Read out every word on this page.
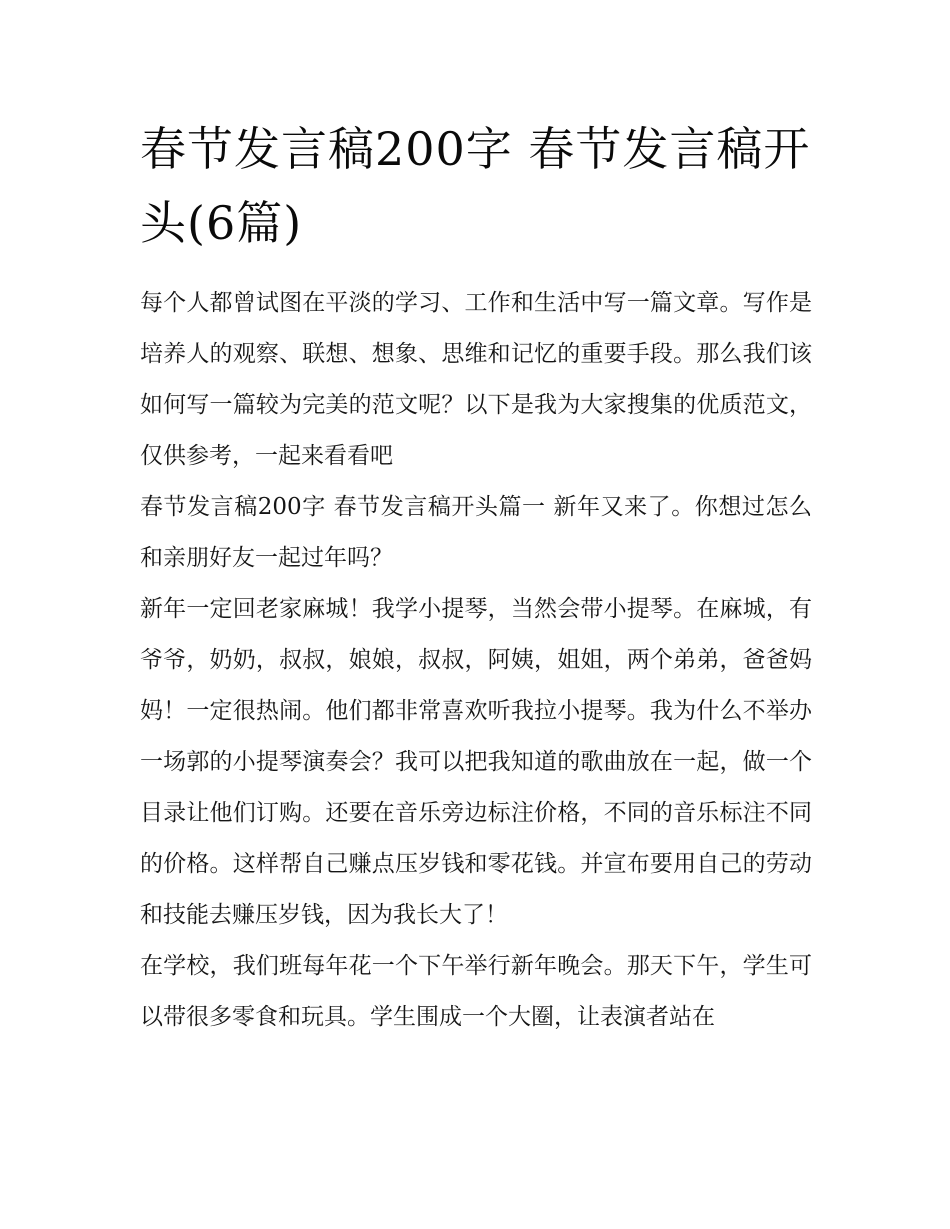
春节发言稿200字 春节发言稿开头(6篇)

每个人都曾试图在平淡的学习、工作和生活中写一篇文章。写作是培养人的观察、联想、想象、思维和记忆的重要手段。那么我们该如何写一篇较为完美的范文呢？以下是我为大家搜集的优质范文，仅供参考，一起来看看吧

春节发言稿200字 春节发言稿开头篇一 新年又来了。你想过怎么和亲朋好友一起过年吗？

新年一定回老家麻城！我学小提琴，当然会带小提琴。在麻城，有爷爷，奶奶，叔叔，娘娘，叔叔，阿姨，姐姐，两个弟弟，爸爸妈妈！一定很热闹。他们都非常喜欢听我拉小提琴。我为什么不举办一场郭的小提琴演奏会？我可以把我知道的歌曲放在一起，做一个目录让他们订购。还要在音乐旁边标注价格，不同的音乐标注不同的价格。这样帮自己赚点压岁钱和零花钱。并宣布要用自己的劳动和技能去赚压岁钱，因为我长大了！

在学校，我们班每年花一个下午举行新年晚会。那天下午，学生可以带很多零食和玩具。学生围成一个大圈，让表演者站在
